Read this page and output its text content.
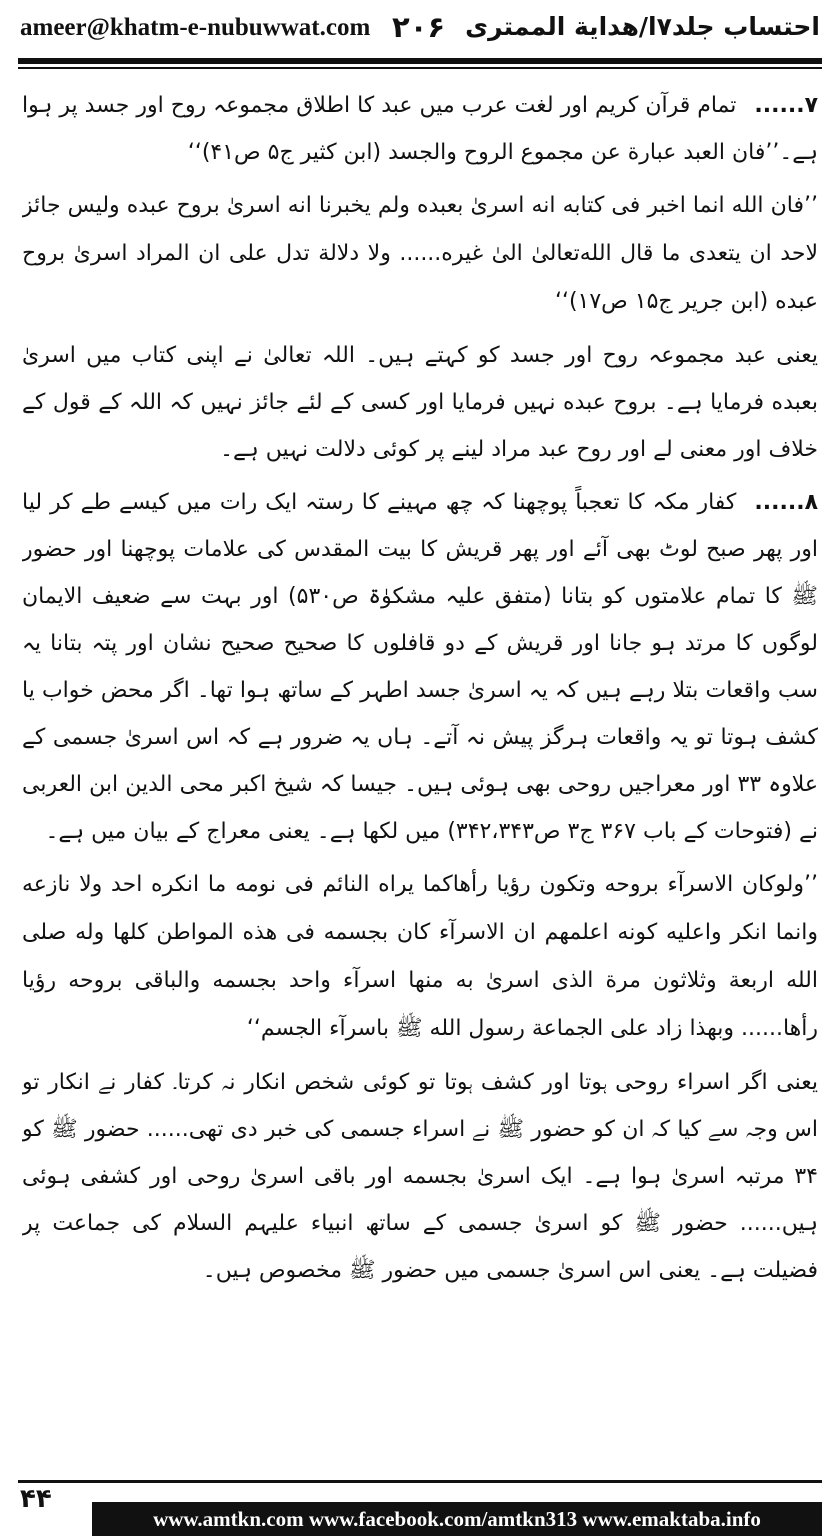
ameer@khatm-e-nubuwwat.com ۲۰۶ احتساب جلد۷ا/هداية الممترى

۷......تمام قرآن کریم اور لغت عرب میں عبد کا اطلاق مجموعہ روح اور جسد پر ہوا ہے۔’’فان العبد عبارة عن مجموع الروح والجسد (ابن کثیر ج۵ ص۴۱)‘‘

’’فان الله انما اخبر فی کتابه انه اسرىٰ بعبده ولم یخبرنا انه اسرىٰ بروح عبده ولیس جائز لاحد ان یتعدی ما قال الله‌تعالیٰ الیٰ غیره...... ولا دلالة تدل علی ان المراد اسرىٰ بروح عبده (ابن جریر ج۱۵ ص۱۷)‘‘

یعنی عبد مجموعہ روح اور جسد کو کہتے ہیں۔ اللہ تعالیٰ نے اپنی کتاب میں اسرىٰ بعبده فرمایا ہے۔ بروح عبده نہیں فرمایا اور کسی کے لئے جائز نہیں کہ اللہ کے قول کے خلاف اور معنی لے اور روح عبد مراد لینے پر کوئی دلالت نہیں ہے۔

۸......کفار مکہ کا تعجباً پوچھنا کہ چھ مہینے کا رستہ ایک رات میں کیسے طے کر لیا اور پھر صبح لوٹ بھی آئے اور پھر قریش کا بیت المقدس کی علامات پوچھنا اور حضور ﷺ کا تمام علامتوں کو بتانا (متفق علیہ مشکوٰۃ ص۵۳۰) اور بہت سے ضعیف الایمان لوگوں کا مرتد ہو جانا اور قریش کے دو قافلوں کا صحیح صحیح نشان اور پتہ بتانا یہ سب واقعات بتلا رہے ہیں کہ یہ اسرىٰ جسد اطہر کے ساتھ ہوا تھا۔ اگر محض خواب یا کشف ہوتا تو یہ واقعات ہرگز پیش نہ آتے۔ ہاں یہ ضرور ہے کہ اس اسرىٰ جسمی کے علاوہ ۳۳ اور معراجیں روحی بھی ہوئی ہیں۔ جیسا کہ شیخ اکبر محی الدین ابن العربی نے (فتوحات کے باب ۳۶۷ ج۳ ص۳۴۲،۳۴۳) میں لکھا ہے۔ یعنی معراج کے بیان میں ہے۔

’’ولوکان الاسرآء بروحه وتکون رؤیا رأهاکما یراه النائم فی نومه ما انکره احد ولا نازعه وانما انکر واعلیه کونه اعلمهم ان الاسرآء کان بجسمه فی هذه المواطن کلها وله صلی الله اربعة وثلاثون مرة الذی اسرىٰ به منها اسرآء واحد بجسمه والباقی بروحه رؤیا رأها...... وبهذا زاد علی الجماعة رسول الله ﷺ باسرآء الجسم‘‘

یعنی اگر اسراء روحی ہوتا اور کشف ہوتا تو کوئی شخص انکار نہ کرتا۔ کفار نے انکار تو اس وجہ سے کیا کہ ان کو حضور ﷺ نے اسراء جسمی کی خبر دی تھی...... حضور ﷺ کو ۳۴ مرتبہ اسرىٰ ہوا ہے۔ ایک اسرىٰ بجسمه اور باقی اسرىٰ روحی اور کشفی ہوئی ہیں...... حضور ﷺ کو اسرىٰ جسمی کے ساتھ انبیاء علیہم السلام کی جماعت پر فضیلت ہے۔ یعنی اس اسرىٰ جسمی میں حضور ﷺ مخصوص ہیں۔

۴۴
www.amtkn.com www.facebook.com/amtkn313 www.emaktaba.info
